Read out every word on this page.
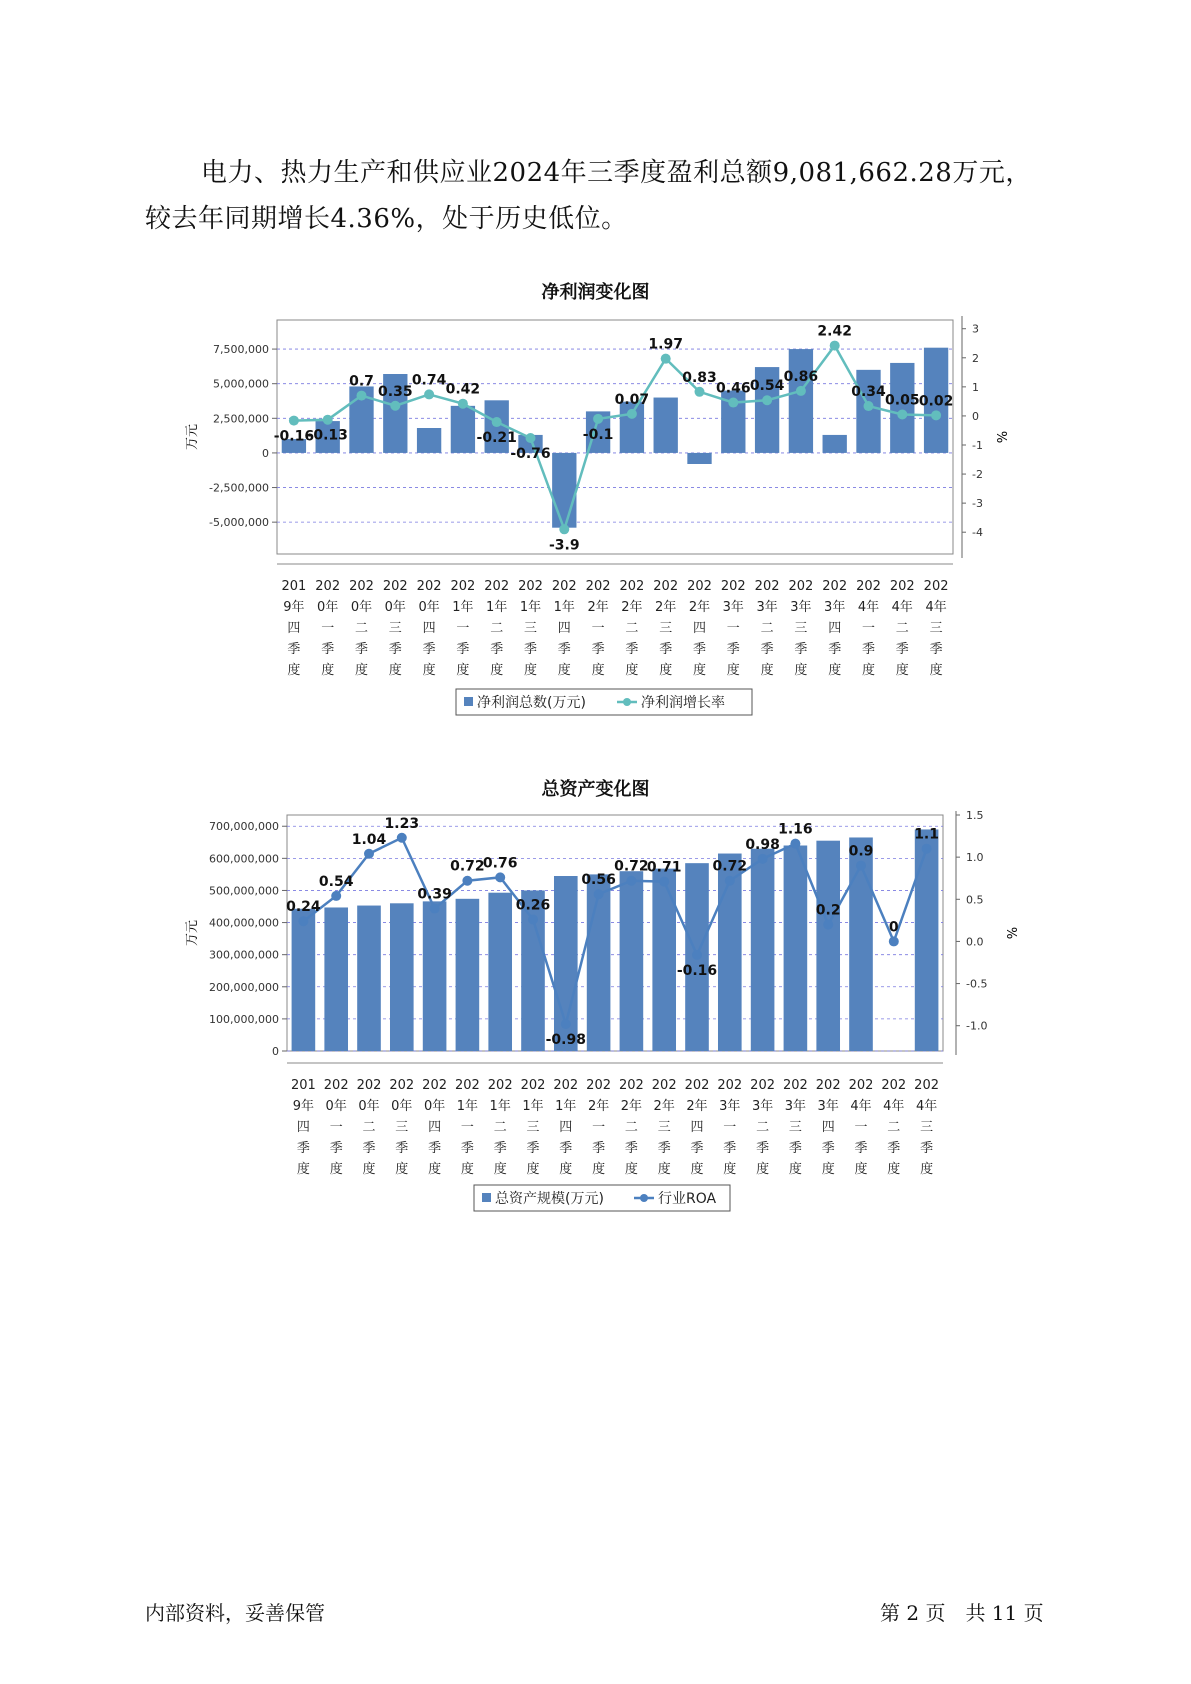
电力、热力生产和供应业2024年三季度盈利总额9,081,662.28万元，较去年同期增长4.36%，处于历史低位。

净利润变化图
7,500,000
5,000,000
2,500,000
0
-2,500,000
-5,000,000
3
2
1
0
-1
-2
-3
-4
万元	%
-0.16
-0.13
0.7
0.35
0.74
0.42
-0.21
-0.76
-3.9
-0.1
0.07
1.97
0.83
0.46 0.54
0.86
2.42
0.34
0.05 0.02
201 9年四季度
202 0年一季度
202 0年二季度
202 0年三季度
202 0年四季度
202 1年一季度
202 1年二季度
202 1年三季度
202 1年四季度
202 2年一季度
202 2年二季度
202 2年三季度
202 2年四季度
202 3年一季度
202 3年二季度
202 3年三季度
202 3年四季度
202 4年一季度
202 4年二季度
202 4年三季度
净利润总数(万元)	净利润增长率
总资产变化图
700,000,000
600,000,000
500,000,000
400,000,000
300,000,000
200,000,000
100,000,000
0
1.5
1.0
0.5
0.0
-0.5
-1.0
万元	%
0.24
0.54
1.04
1.23
0.39
0.72
0.76
0.26
-0.98
0.56
0.72
0.71
-0.16
0.72
0.98
1.16
0.2
0.9
0
1.1
201 9年四季度
202 0年一季度
202 0年二季度
202 0年三季度
202 0年四季度
202 1年一季度
202 1年二季度
202 1年三季度
202 1年四季度
202 2年一季度
202 2年二季度
202 2年三季度
202 2年四季度
202 3年一季度
202 3年二季度
202 3年三季度
202 3年四季度
202 4年一季度
202 4年二季度
202 4年三季度
总资产规模(万元)	行业ROA
内部资料，妥善保管	第 2 页　共 11 页
